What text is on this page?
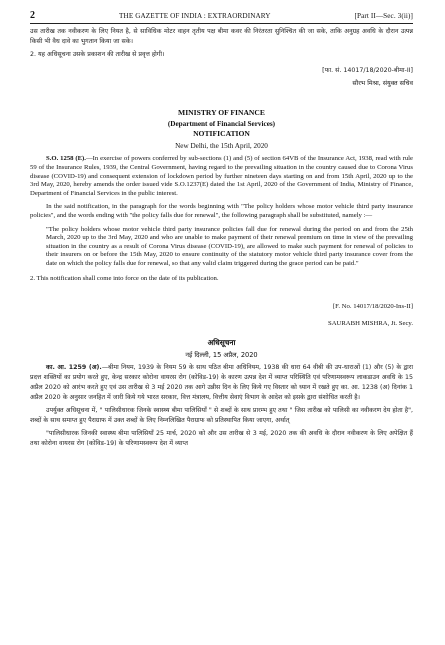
2	THE GAZETTE OF INDIA : EXTRAORDINARY	[Part II—Sec. 3(ii)]

उस तारीख तक नवीकरण के लिए नियत है, से साविधिक मोटर वाहन तृतीय पक्ष बीमा कवर की निरंतरता सुनिश्चित की जा सके, ताकि अनुग्रह अवधि के दौरान उत्पन्न किसी भी वैध दावे का भुगतान किया जा सके।

2. यह अधिसूचना उसके प्रकाशन की तारीख से प्रवृत्त होगी।

[फा. सं. 14017/18/2020-बीमा-II]

सौरभ मिश्रा, संयुक्त सचिव

MINISTRY OF FINANCE

(Department of Financial Services)

NOTIFICATION

New Delhi, the 15th April, 2020

S.O. 1258 (E).—In exercise of powers conferred by sub-sections (1) and (5) of section 64VB of the Insurance Act, 1938, read with rule 59 of the Insurance Rules, 1939, the Central Government, having regard to the prevailing situation in the country caused due to Corona Virus disease (COVID-19) and consequent extension of lockdown period by further nineteen days starting on and from 15th April, 2020 up to the 3rd May, 2020, hereby amends the order issued vide S.O.1237(E) dated the 1st April, 2020 of the Government of India, Ministry of Finance, Department of Financial Services in the public interest.

In the said notification, in the paragraph for the words beginning with "The policy holders whose motor vehicle third party insurance policies", and the words ending with "the policy falls due for renewal", the following paragraph shall be substituted, namely :—

"The policy holders whose motor vehicle third party insurance policies fall due for renewal during the period on and from the 25th March, 2020 up to the 3rd May, 2020 and who are unable to make payment of their renewal premium on time in view of the prevailing situation in the country as a result of Corona Virus disease (COVID-19), are allowed to make such payment for renewal of policies to their insurers on or before the 15th May, 2020 to ensure continuity of the statutory motor vehicle third party insurance cover from the date on which the policy falls due for renewal, so that any valid claim triggered during the grace period can be paid."

2. This notification shall come into force on the date of its publication.

[F. No. 14017/18/2020-Ins-II]

SAURABH MISHRA, Jt. Secy.

अधिसूचना

नई दिल्ली, 15 अप्रैल, 2020

का. आ. 1259 (अ).—बीमा नियम, 1939 के नियम 59 के साथ पठित बीमा अधिनियम, 1938 की धारा 64 वीबी की उप-धाराओं (1) और (5) के द्वारा प्रदत्त शक्तियों का प्रयोग करते हुए, केन्द्र सरकार कोरोना वायरस रोग (कोविड-19) के कारण उत्पन्न देश में व्याप्त परिस्थिति एवं परिणामस्वरूप लाकडाउन अवधि के 15 अप्रैल 2020 को आरंभ करते हुए एवं उस तारीख से 3 मई 2020 तक आगे उन्नीस दिन के लिए किये गए विस्तार को ध्यान में रखते हुए का. आ. 1238 (अ) दिनांक 1 अप्रैल 2020 के अनुसार जनहित में जारी किये गये भारत सरकार, वित्त मंत्रालय, वित्तीय सेवाएं विभाग के आदेश को इसके द्वारा संशोधित करती है।

उपर्युक्त अधिसूचना में, " पालिसीधारक जिनके स्वास्थ्य बीमा पालिसियाँ " से शब्दों के साथ प्रारम्भ हुए तथा " जिस तारीख को पालिसी का नवीकरण देय होता है", शब्दों के साथ समाप्त हुए पैराग्राफ में उक्त शब्दों के लिए निम्नलिखित पैराग्राफ को प्रतिस्थापित किया जाएगा, अर्थात्

"पालिसीधारक जिनकी स्वास्थ्य बीमा पालिसियाँ 25 मार्च, 2020 को और उस तारीख से 3 मई, 2020 तक की अवधि के दौरान नवीकरण के लिए अपेक्षित हैं तथा कोरोना वायरस रोग (कोविड-19) के परिणामस्वरूप देश में व्याप्त
